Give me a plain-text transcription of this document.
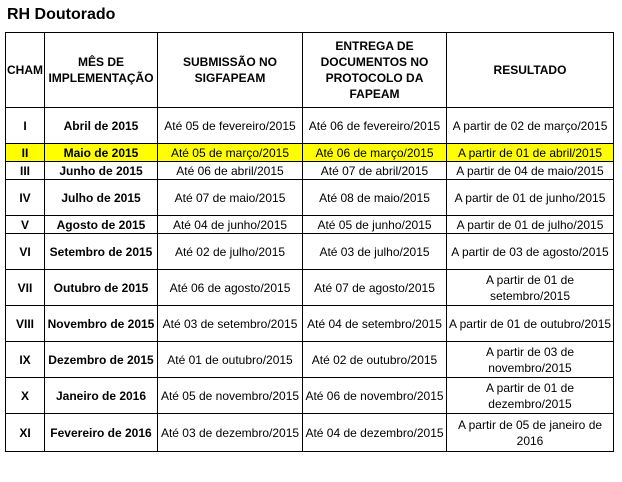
RH Doutorado
CHAM	MÊS DE IMPLEMENTAÇÃO	SUBMISSÃO NO SIGFAPEAM	ENTREGA DE DOCUMENTOS NO PROTOCOLO DA FAPEAM	RESULTADO
I	Abril de 2015	Até 05 de fevereiro/2015	Até 06 de fevereiro/2015	A partir de 02 de março/2015
II	Maio de 2015	Até 05 de março/2015	Até 06 de março/2015	A partir de 01 de abril/2015
III	Junho de 2015	Até 06 de abril/2015	Até 07 de abril/2015	A partir de 04 de maio/2015
IV	Julho de 2015	Até 07 de maio/2015	Até 08 de maio/2015	A partir de 01 de junho/2015
V	Agosto de 2015	Até 04 de junho/2015	Até 05 de junho/2015	A partir de 01 de julho/2015
VI	Setembro de 2015	Até 02 de julho/2015	Até 03 de julho/2015	A partir de 03 de agosto/2015
VII	Outubro de 2015	Até 06 de agosto/2015	Até 07 de agosto/2015	A partir de 01 de setembro/2015
VIII	Novembro de 2015	Até 03 de setembro/2015	Até 04 de setembro/2015	A partir de 01 de outubro/2015
IX	Dezembro de 2015	Até 01 de outubro/2015	Até 02 de outubro/2015	A partir de 03 de novembro/2015
X	Janeiro de 2016	Até 05 de novembro/2015	Até 06 de novembro/2015	A partir de 01 de dezembro/2015
XI	Fevereiro de 2016	Até 03 de dezembro/2015	Até 04 de dezembro/2015	A partir de 05 de janeiro de 2016
